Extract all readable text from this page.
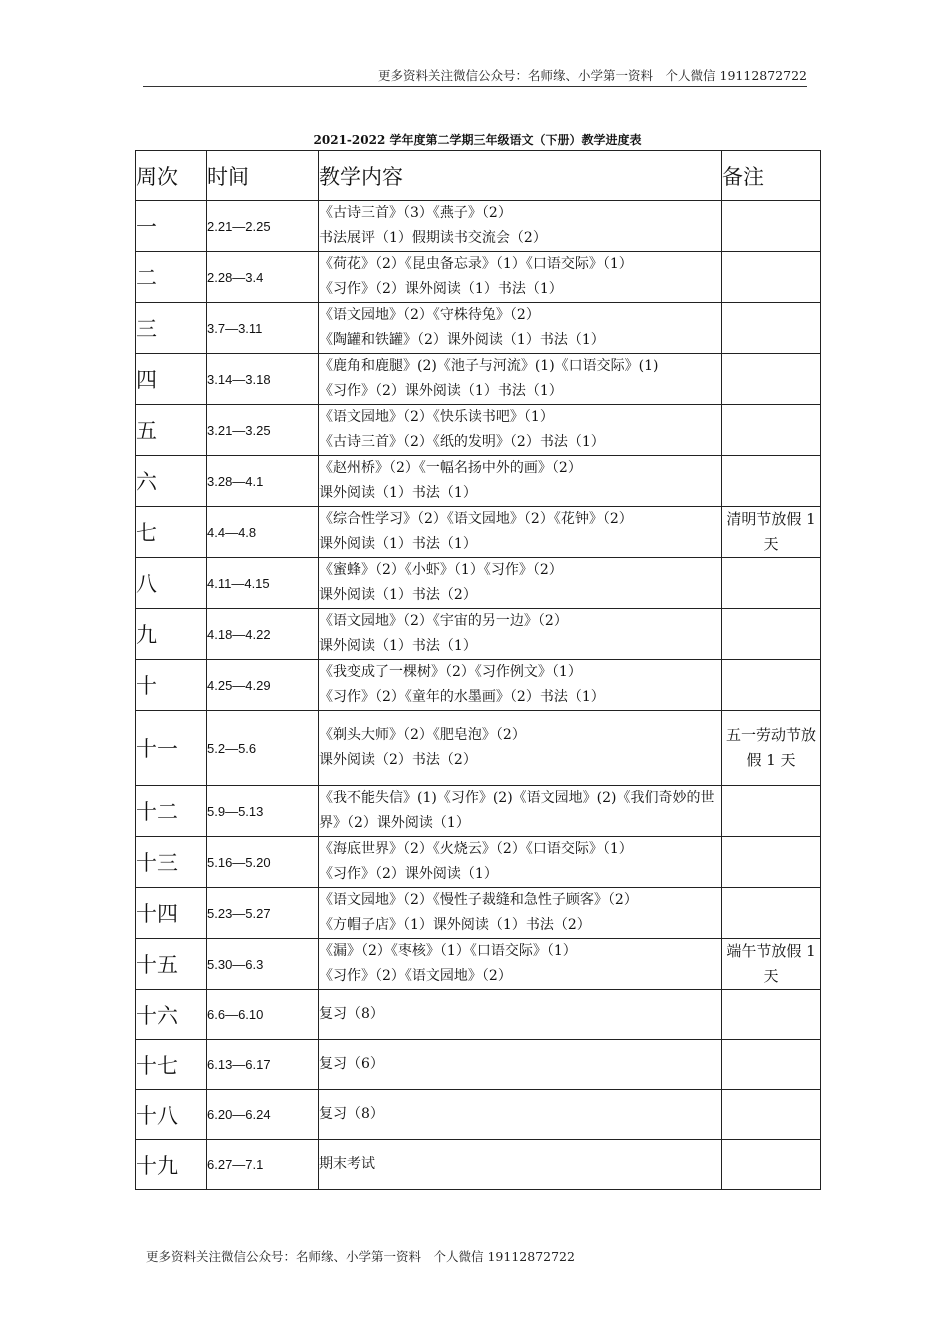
更多资料关注微信公众号：名师缘、小学第一资料　个人微信 19112872722
2021-2022 学年度第二学期三年级语文（下册）教学进度表
周次	时间	教学内容	备注
一	2.21—2.25	《古诗三首》（3）《燕子》（2）
书法展评（1）假期读书交流会（2）	

二	2.28—3.4	《荷花》（2）《昆虫备忘录》（1）《口语交际》（1）
《习作》（2）课外阅读（1）书法（1）	

三	3.7—3.11	《语文园地》（2）《守株待兔》（2）
《陶罐和铁罐》（2）课外阅读（1）书法（1）	

四	3.14—3.18	《鹿角和鹿腿》(2)《池子与河流》(1)《口语交际》(1)
《习作》（2）课外阅读（1）书法（1）	

五	3.21—3.25	《语文园地》（2）《快乐读书吧》（1）
《古诗三首》（2）《纸的发明》（2）书法（1）	

六	3.28—4.1	《赵州桥》（2）《一幅名扬中外的画》（2）
课外阅读（1）书法（1）	

七	4.4—4.8	《综合性学习》（2）《语文园地》（2）《花钟》（2）
课外阅读（1）书法（1）	清明节放假 1 天
八	4.11—4.15	《蜜蜂》（2）《小虾》（1）《习作》（2）
课外阅读（1）书法（2）	

九	4.18—4.22	《语文园地》（2）《宇宙的另一边》（2）
课外阅读（1）书法（1）	

十	4.25—4.29	《我变成了一棵树》（2）《习作例文》（1）
《习作》（2）《童年的水墨画》（2）书法（1）	

十一	5.2—5.6	《剃头大师》（2）《肥皂泡》（2）
课外阅读（2）书法（2）	五一劳动节放假 1 天
十二	5.9—5.13	《我不能失信》(1)《习作》(2)《语文园地》(2)《我们奇妙的世界》（2）课外阅读（1）	

十三	5.16—5.20	《海底世界》（2）《火烧云》（2）《口语交际》（1）
《习作》（2）课外阅读（1）	

十四	5.23—5.27	《语文园地》（2）《慢性子裁缝和急性子顾客》（2）
《方帽子店》（1）课外阅读（1）书法（2）	

十五	5.30—6.3	《漏》（2）《枣核》（1）《口语交际》（1）
《习作》（2）《语文园地》（2）	端午节放假 1 天
十六	6.6—6.10	复习（8）	

十七	6.13—6.17	复习（6）	

十八	6.20—6.24	复习（8）	

十九	6.27—7.1	期末考试	

更多资料关注微信公众号：名师缘、小学第一资料　个人微信 19112872722
